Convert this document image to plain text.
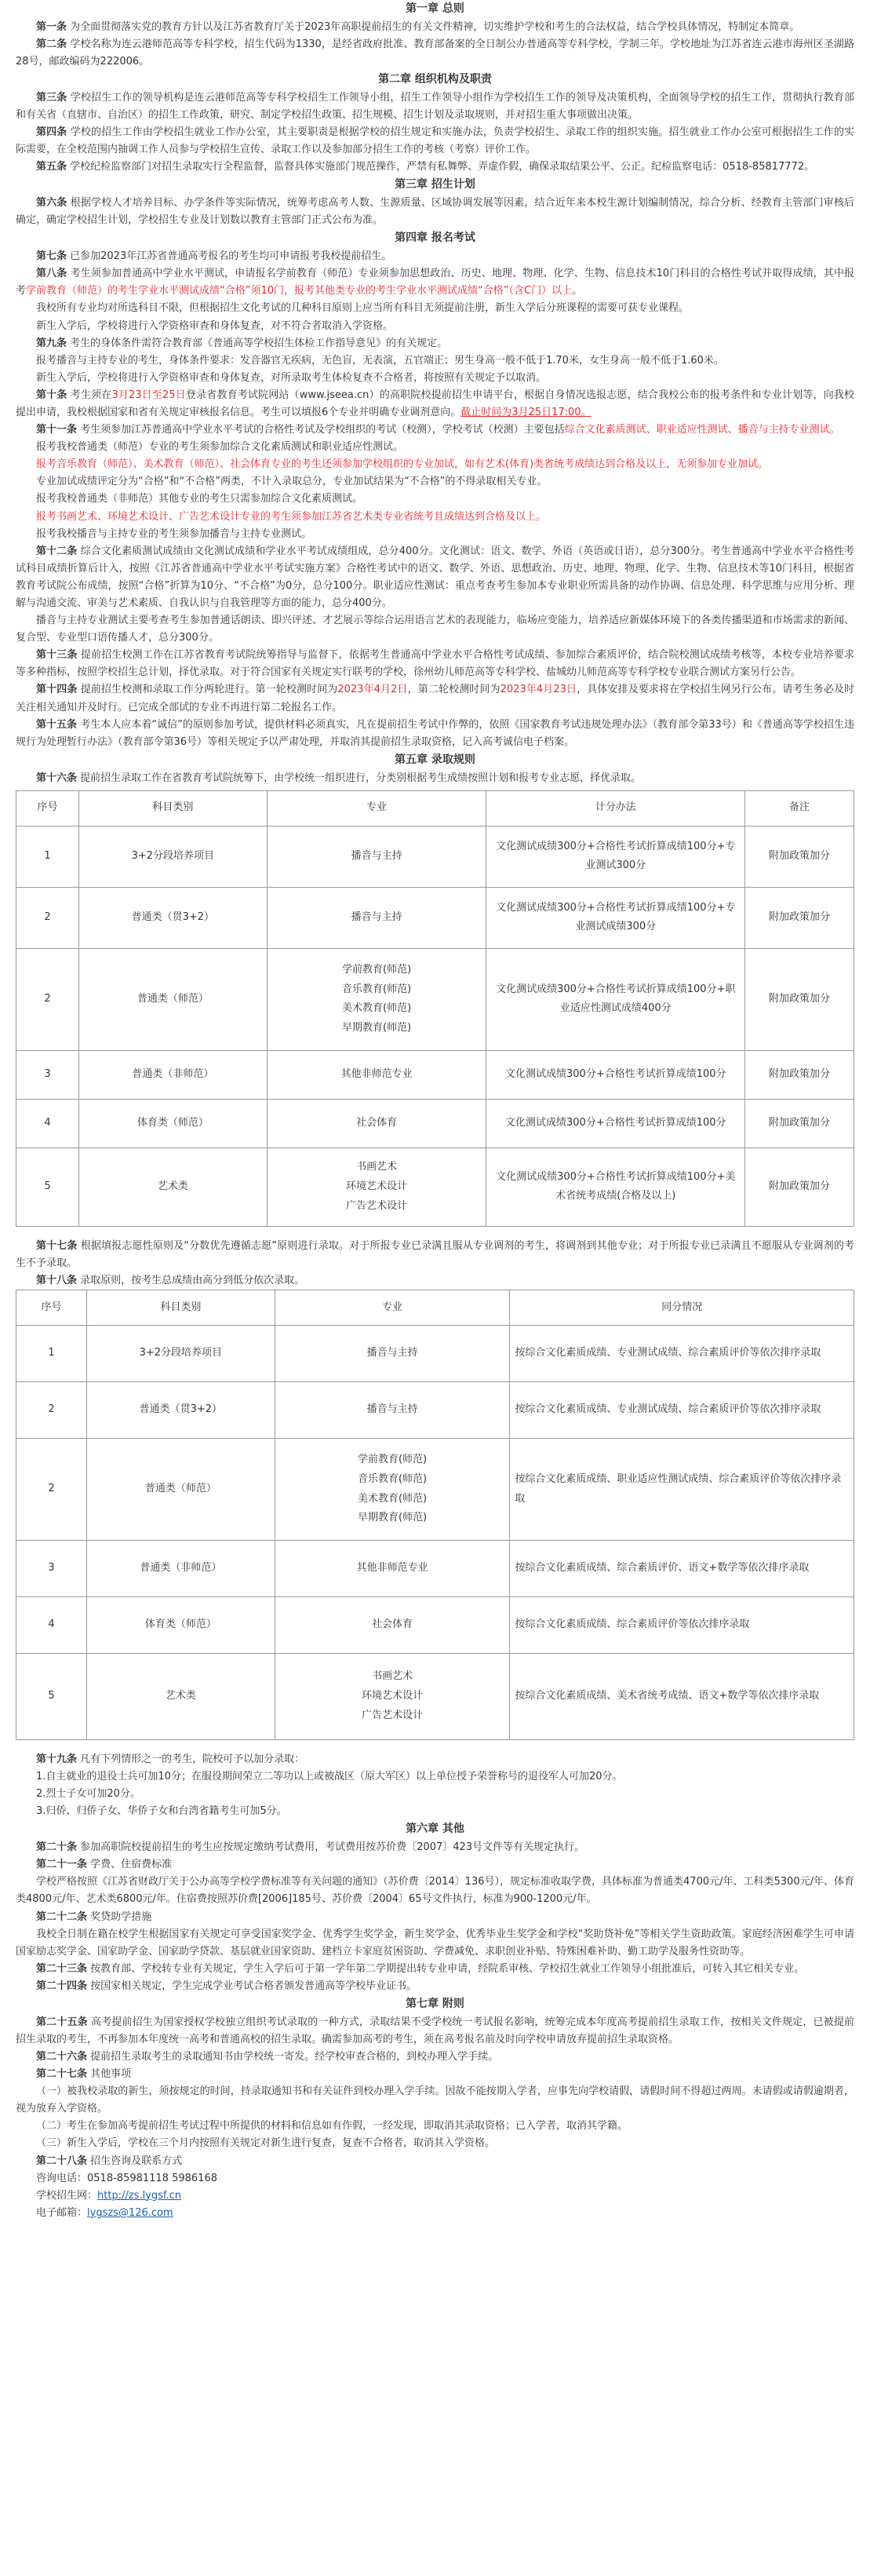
第一章 总则

第一条 为全面贯彻落实党的教育方针以及江苏省教育厅关于2023年高职提前招生的有关文件精神，切实维护学校和考生的合法权益，结合学校具体情况，特制定本简章。

第二条 学校名称为连云港师范高等专科学校，招生代码为1330，是经省政府批准、教育部备案的全日制公办普通高等专科学校，学制三年。学校地址为江苏省连云港市海州区圣湖路28号，邮政编码为222006。

第二章 组织机构及职责

第三条 学校招生工作的领导机构是连云港师范高等专科学校招生工作领导小组，招生工作领导小组作为学校招生工作的领导及决策机构，全面领导学校的招生工作，贯彻执行教育部和有关省（直辖市、自治区）的招生工作政策，研究、制定学校招生政策、招生规模、招生计划及录取规则，并对招生重大事项做出决策。

第四条 学校的招生工作由学校招生就业工作办公室，其主要职责是根据学校的招生规定和实施办法，负责学校招生、录取工作的组织实施。招生就业工作办公室可根据招生工作的实际需要，在全校范围内抽调工作人员参与学校招生宣传、录取工作以及参加部分招生工作的考核（考察）评价工作。

第五条 学校纪检监察部门对招生录取实行全程监督，监督具体实施部门规范操作，严禁有私舞弊、弄虚作假，确保录取结果公平、公正。纪检监察电话：0518-85817772。

第三章 招生计划

第六条 根据学校人才培养目标、办学条件等实际情况，统筹考虑高考人数、生源质量、区域协调发展等因素，结合近年来本校生源计划编制情况，综合分析、经教育主管部门审核后确定，确定学校招生计划，学校招生专业及计划数以教育主管部门正式公布为准。

第四章 报名考试

第七条 已参加2023年江苏省普通高考报名的考生均可申请报考我校提前招生。

第八条 考生须参加普通高中学业水平测试，申请报名学前教育（师范）专业须参加思想政治、历史、地理、物理、化学、生物、信息技术10门科目的合格性考试并取得成绩，其中报考学前教育（师范）的考生学业水平测试成绩“合格”须10门，报考其他类专业的考生学业水平测试成绩“合格”（含C门）以上。

我校所有专业均对所选科目不限，但根据招生文化考试的几种科目原则上应当所有科目无须提前注册，新生入学后分班课程的需要可获专业课程。

新生入学后，学校将进行入学资格审查和身体复查，对不符合者取消入学资格。

第九条 考生的身体条件需符合教育部《普通高等学校招生体检工作指导意见》的有关规定。

报考播音与主持专业的考生，身体条件要求：发音器官无疾病，无色盲，无表演，五官端正；男生身高一般不低于1.70米，女生身高一般不低于1.60米。

新生入学后，学校将进行入学资格审查和身体复查，对所录取考生体检复查不合格者，将按照有关规定予以取消。

第十条 考生须在3月23日至25日登录省教育考试院网站（www.jseea.cn）的高职院校提前招生申请平台，根据自身情况选报志愿，结合我校公布的报考条件和专业计划等，向我校提出申请，我校根据国家和省有关规定审核报名信息。考生可以填报6个专业并明确专业调剂意向。截止时间为3月25日17:00。

第十一条 考生须参加江苏普通高中学业水平考试的合格性考试及学校组织的考试（校测），学校考试（校测）主要包括综合文化素质测试、职业适应性测试、播音与主持专业测试。

报考我校普通类（师范）专业的考生须参加综合文化素质测试和职业适应性测试。

报考音乐教育（师范）、美术教育（师范）、社会体育专业的考生还须参加学校组织的专业加试，如有艺术(体育)类省统考成绩达到合格及以上，无须参加专业加试。

专业加试成绩评定分为“合格”和“不合格”两类，不计入录取总分，专业加试结果为“不合格”的不得录取相关专业。

报考我校普通类（非师范）其他专业的考生只需参加综合文化素质测试。

报考书画艺术、环境艺术设计、广告艺术设计专业的考生须参加江苏省艺术类专业省统考且成绩达到合格及以上。

报考我校播音与主持专业的考生须参加播音与主持专业测试。

第十二条 综合文化素质测试成绩由文化测试成绩和学业水平考试成绩组成，总分400分。文化测试：语文、数学、外语（英语或日语），总分300分。考生普通高中学业水平合格性考试科目成绩折算后计入，按照《江苏省普通高中学业水平考试实施方案》合格性考试中的语文、数学、外语、思想政治、历史、地理、物理、化学、生物、信息技术等10门科目，根据省教育考试院公布成绩，按照“合格”折算为10分、“不合格”为0分，总分100分。职业适应性测试：重点考查考生参加本专业职业所需具备的动作协调、信息处理、科学思维与应用分析、理解与沟通交流、审美与艺术素质、自我认识与自我管理等方面的能力，总分400分。

播音与主持专业测试主要考查考生参加普通话朗读、即兴评述、才艺展示等综合运用语言艺术的表现能力，临场应变能力，培养适应新媒体环境下的各类传播渠道和市场需求的新闻、复合型、专业型口语传播人才，总分300分。

第十三条 提前招生校测工作在江苏省教育考试院统筹指导与监督下，依据考生普通高中学业水平合格性考试成绩、参加综合素质评价，结合院校测试成绩考核等，本校专业培养要求等多种指标，按照学校招生总计划，择优录取。对于符合国家有关规定实行联考的学校，徐州幼儿师范高等专科学校、盐城幼儿师范高等专科学校专业联合测试方案另行公告。

第十四条 提前招生校测和录取工作分两轮进行。第一轮校测时间为2023年4月2日，第二轮校测时间为2023年4月23日，具体安排及要求将在学校招生网另行公布。请考生务必及时关注相关通知并及时行。已完成全部试的专业不再进行第二轮报名工作。

第十五条 考生本人应本着“诚信”的原则参加考试，提供材料必须真实，凡在提前招生考试中作弊的，依照《国家教育考试违规处理办法》（教育部令第33号）和《普通高等学校招生违规行为处理暂行办法》（教育部令第36号）等相关规定予以严肃处理，并取消其提前招生录取资格，记入高考诚信电子档案。

第五章 录取规则

第十六条 提前招生录取工作在省教育考试院统筹下，由学校统一组织进行，分类别根据考生成绩按照计划和报考专业志愿，择优录取。

序号	科目类别	专业	计分办法	备注
1	3+2分段培养项目	播音与主持	文化测试成绩300分+合格性考试折算成绩100分+专业测试300分	附加政策加分
2	普通类（贯3+2）	播音与主持	文化测试成绩300分+合格性考试折算成绩100分+专业测试成绩300分	附加政策加分
2	普通类（师范）	学前教育(师范)
音乐教育(师范)
美术教育(师范)
早期教育(师范)	文化测试成绩300分+合格性考试折算成绩100分+职业适应性测试成绩400分	附加政策加分
3	普通类（非师范）	其他非师范专业	文化测试成绩300分+合格性考试折算成绩100分	附加政策加分
4	体育类（师范）	社会体育	文化测试成绩300分+合格性考试折算成绩100分	附加政策加分
5	艺术类	书画艺术
环境艺术设计
广告艺术设计	文化测试成绩300分+合格性考试折算成绩100分+美术省统考成绩(合格及以上)	附加政策加分

第十七条 根据填报志愿性原则及“分数优先遵循志愿”原则进行录取。对于所报专业已录满且服从专业调剂的考生，将调剂到其他专业；对于所报专业已录满且不愿服从专业调剂的考生不予录取。

第十八条 录取原则，按考生总成绩由高分到低分依次录取。

序号	科目类别	专业	同分情况
1	3+2分段培养项目	播音与主持	按综合文化素质成绩、专业测试成绩、综合素质评价等依次排序录取
2	普通类（贯3+2）	播音与主持	按综合文化素质成绩、专业测试成绩、综合素质评价等依次排序录取
2	普通类（师范）	学前教育(师范)
音乐教育(师范)
美术教育(师范)
早期教育(师范)	按综合文化素质成绩、职业适应性测试成绩、综合素质评价等依次排序录取
3	普通类（非师范）	其他非师范专业	按综合文化素质成绩、综合素质评价、语文+数学等依次排序录取
4	体育类（师范）	社会体育	按综合文化素质成绩、综合素质评价等依次排序录取
5	艺术类	书画艺术
环境艺术设计
广告艺术设计	按综合文化素质成绩、美术省统考成绩、语文+数学等依次排序录取

第十九条 凡有下列情形之一的考生，院校可予以加分录取：

1.自主就业的退役士兵可加10分；在服役期间荣立二等功以上或被战区（原大军区）以上单位授予荣誉称号的退役军人可加20分。

2.烈士子女可加20分。

3.归侨、归侨子女、华侨子女和台湾省籍考生可加5分。

第六章 其他

第二十条 参加高职院校提前招生的考生应按规定缴纳考试费用，考试费用按苏价费〔2007〕423号文件等有关规定执行。

第二十一条 学费、住宿费标准

学校严格按照《江苏省财政厅关于公办高等学校学费标准等有关问题的通知》（苏价费〔2014〕136号），规定标准收取学费，具体标准为普通类4700元/年、工科类5300元/年、体育类4800元/年、艺术类6800元/年。住宿费按照苏价费[2006]185号、苏价费〔2004〕65号文件执行，标准为900-1200元/年。

第二十二条 奖贷助学措施

我校全日制在籍在校学生根据国家有关规定可享受国家奖学金、优秀学生奖学金，新生奖学金、优秀毕业生奖学金和学校“奖助贷补免”等相关学生资助政策。家庭经济困难学生可申请国家励志奖学金、国家助学金、国家助学贷款、基层就业国家资助、建档立卡家庭贫困资助、学费减免、求职创业补贴、特殊困难补助、勤工助学及服务性资助等。

第二十三条 按教育部、学校转专业有关规定，学生入学后可于第一学年第二学期提出转专业申请，经院系审核、学校招生就业工作领导小组批准后，可转入其它相关专业。

第二十四条 按国家相关规定，学生完成学业考试合格者颁发普通高等学校毕业证书。

第七章 附则

第二十五条 高考提前招生为国家授权学校独立组织考试录取的一种方式，录取结果不受学校统一考试报名影响，统筹完成本年度高考提前招生录取工作，按相关文件规定，已被提前招生录取的考生，不再参加本年度统一高考和普通高校的招生录取。确需参加高考的考生，须在高考报名前及时向学校申请放弃提前招生录取资格。

第二十六条 提前招生录取考生的录取通知书由学校统一寄发。经学校审查合格的，到校办理入学手续。

第二十七条 其他事项

（一）被我校录取的新生，须按规定的时间，持录取通知书和有关证件到校办理入学手续。因故不能按期入学者，应事先向学校请假，请假时间不得超过两周。未请假或请假逾期者，视为放弃入学资格。

（二）考生在参加高考提前招生考试过程中所提供的材料和信息如有作假，一经发现，即取消其录取资格；已入学者，取消其学籍。

（三）新生入学后，学校在三个月内按照有关规定对新生进行复查，复查不合格者，取消其入学资格。

第二十八条 招生咨询及联系方式

咨询电话：0518-85981118 5986168

学校招生网：http://zs.lygsf.cn

电子邮箱：lygszs@126.com
